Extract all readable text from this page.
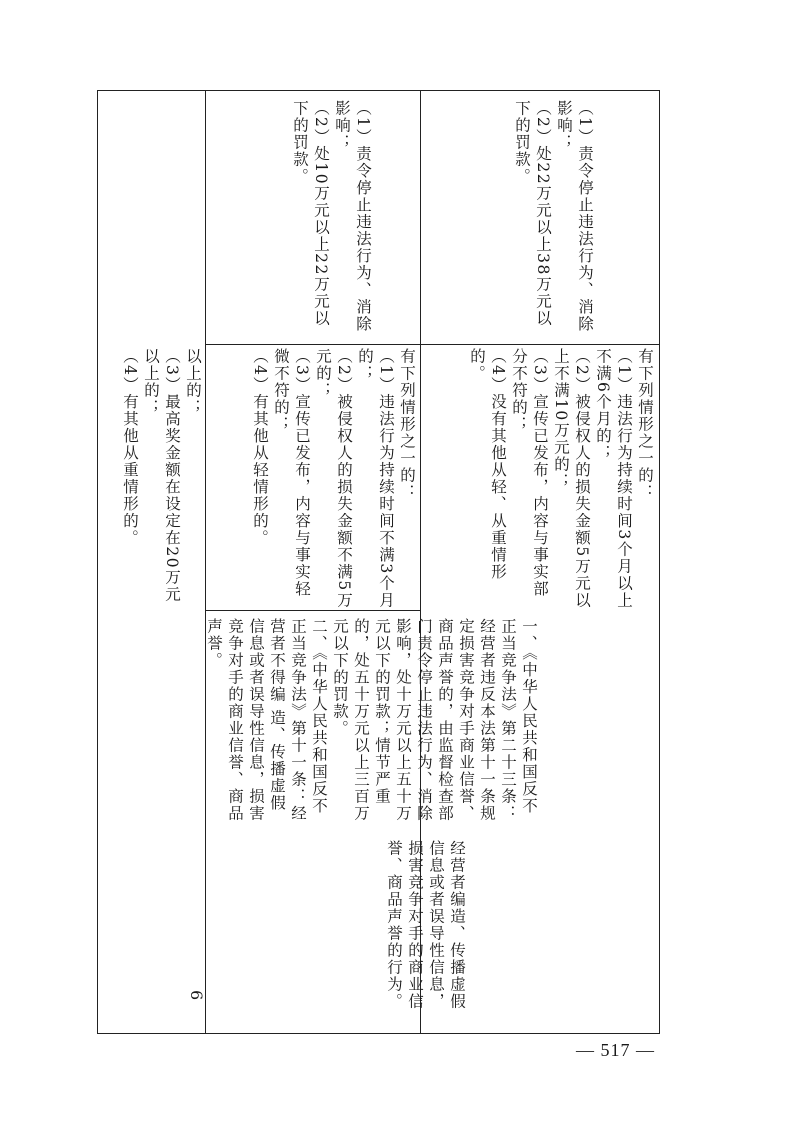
6
— 517 —

（1）责令停止违法行为、消除影响；

（2）处22万元以上38万元以下的罚款。

（1）责令停止违法行为、消除影响；

（2）处10万元以上22万元以下的罚款。

以上的；

（3）最高奖金额在设定在20万元以上的；

（4）有其他从重情形的。	有下列情形之一的：

（1）违法行为持续时间不满3个月的；

（2）被侵权人的损失金额不满5万元的；

（3）宣传已发布，内容与事实轻微不符的；

（4）有其他从轻情形的。	有下列情形之一的：

（1）违法行为持续时间3个月以上不满6个月的；

（2）被侵权人的损失金额5万元以上不满10万元的；

（3）宣传已发布，内容与事实部分不符的；

（4）没有其他从轻、从重情形的。

一、《中华人民共和国反不正当竞争法》第二十三条：经营者违反本法第十一条规定损害竞争对手商业信誉、商品声誉的，由监督检查部门责令停止违法行为、消除影响，处十万元以上五十万元以下的罚款；情节严重的，处五十万元以上三百万元以下的罚款。

二、《中华人民共和国反不正当竞争法》第十一条：经营者不得编 造、传播虚假信息或者误导性信息，损害竞争对手的商业信誉、商品声誉。

经营者编造、传播虚假信息或者误导性信息，损害竞争对手的商业信誉、商品声誉的行为。
